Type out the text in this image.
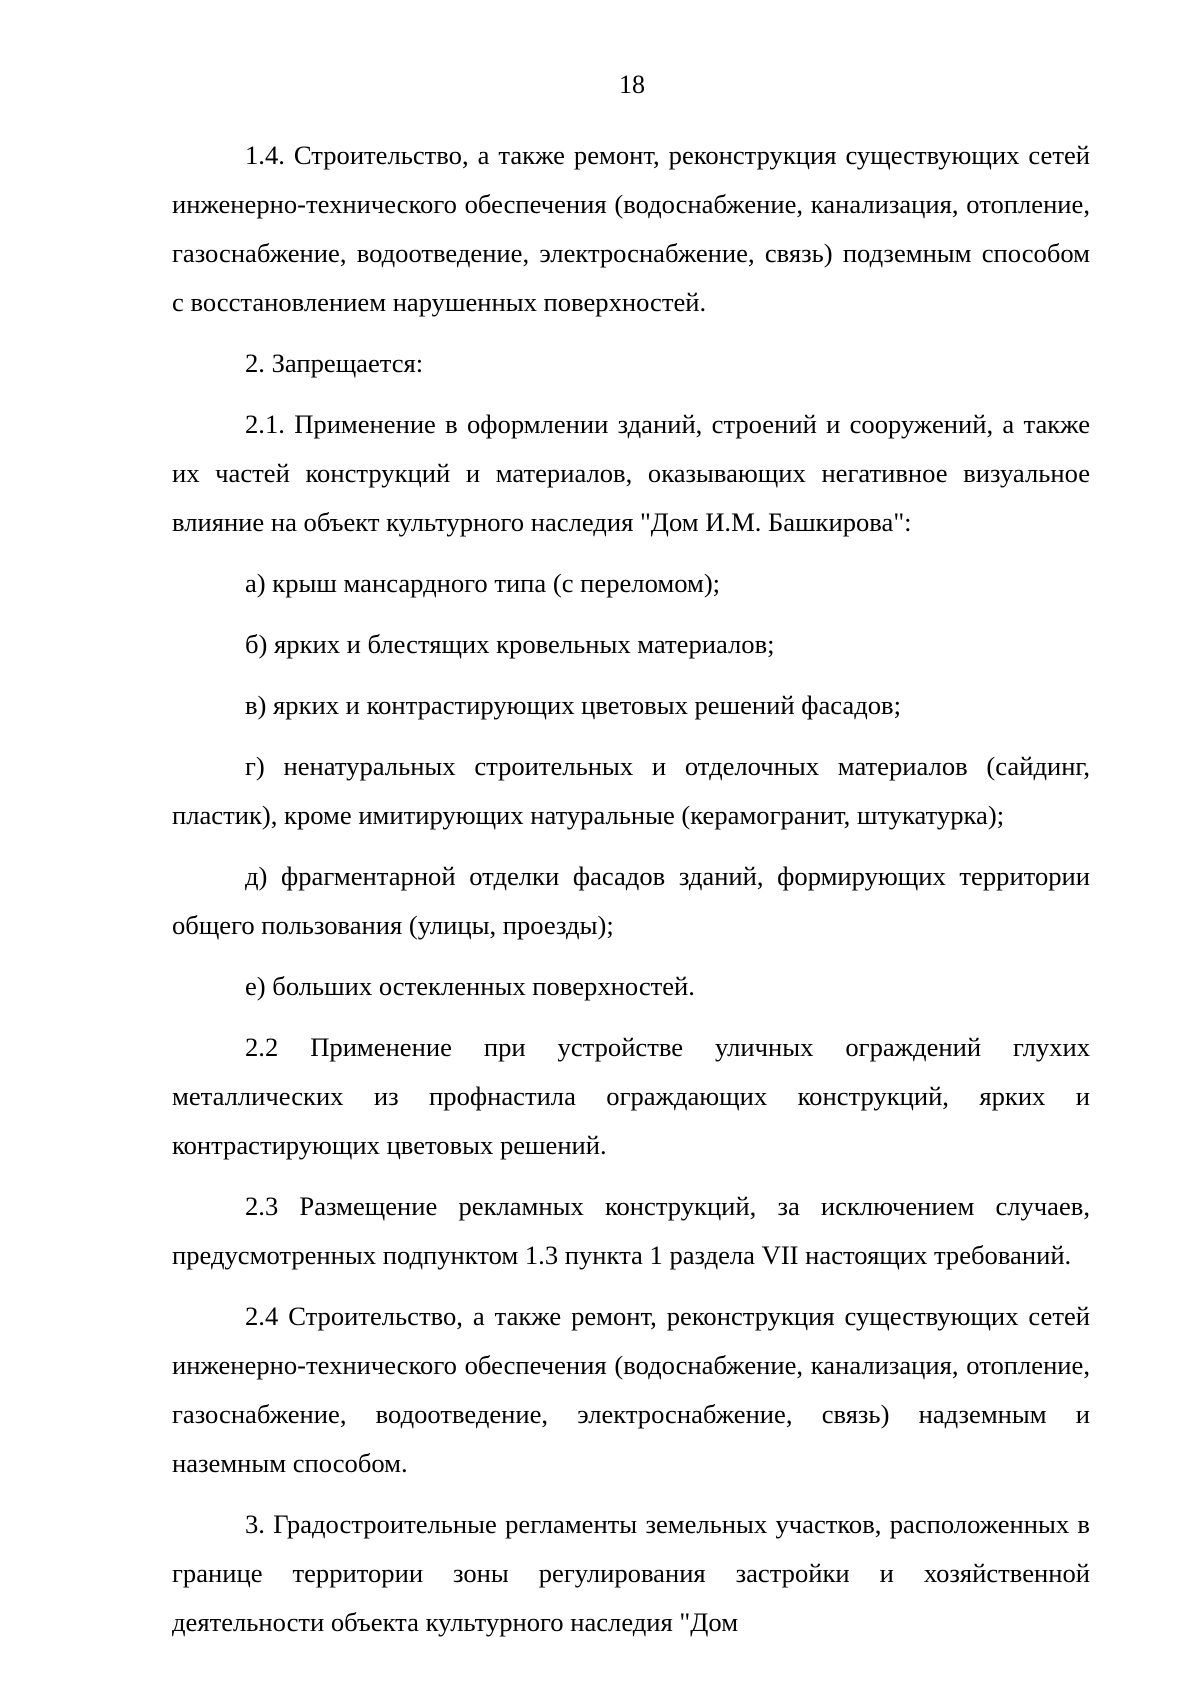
18

1.4. Строительство, а также ремонт, реконструкция существующих сетей инженерно-технического обеспечения (водоснабжение, канализация, отопление, газоснабжение, водоотведение, электроснабжение, связь) подземным способом с восстановлением нарушенных поверхностей.

2. Запрещается:

2.1. Применение в оформлении зданий, строений и сооружений, а также их частей конструкций и материалов, оказывающих негативное визуальное влияние на объект культурного наследия "Дом И.М. Башкирова":

а) крыш мансардного типа (с переломом);

б) ярких и блестящих кровельных материалов;

в) ярких и контрастирующих цветовых решений фасадов;

г) ненатуральных строительных и отделочных материалов (сайдинг, пластик), кроме имитирующих натуральные (керамогранит, штукатурка);

д) фрагментарной отделки фасадов зданий, формирующих территории общего пользования (улицы, проезды);

е) больших остекленных поверхностей.

2.2 Применение при устройстве уличных ограждений глухих металлических из профнастила ограждающих конструкций, ярких и контрастирующих цветовых решений.

2.3 Размещение рекламных конструкций, за исключением случаев, предусмотренных подпунктом 1.3 пункта 1 раздела VII настоящих требований.

2.4 Строительство, а также ремонт, реконструкция существующих сетей инженерно-технического обеспечения (водоснабжение, канализация, отопление, газоснабжение, водоотведение, электроснабжение, связь) надземным и наземным способом.

3. Градостроительные регламенты земельных участков, расположенных в границе территории зоны регулирования застройки и хозяйственной деятельности объекта культурного наследия "Дом
